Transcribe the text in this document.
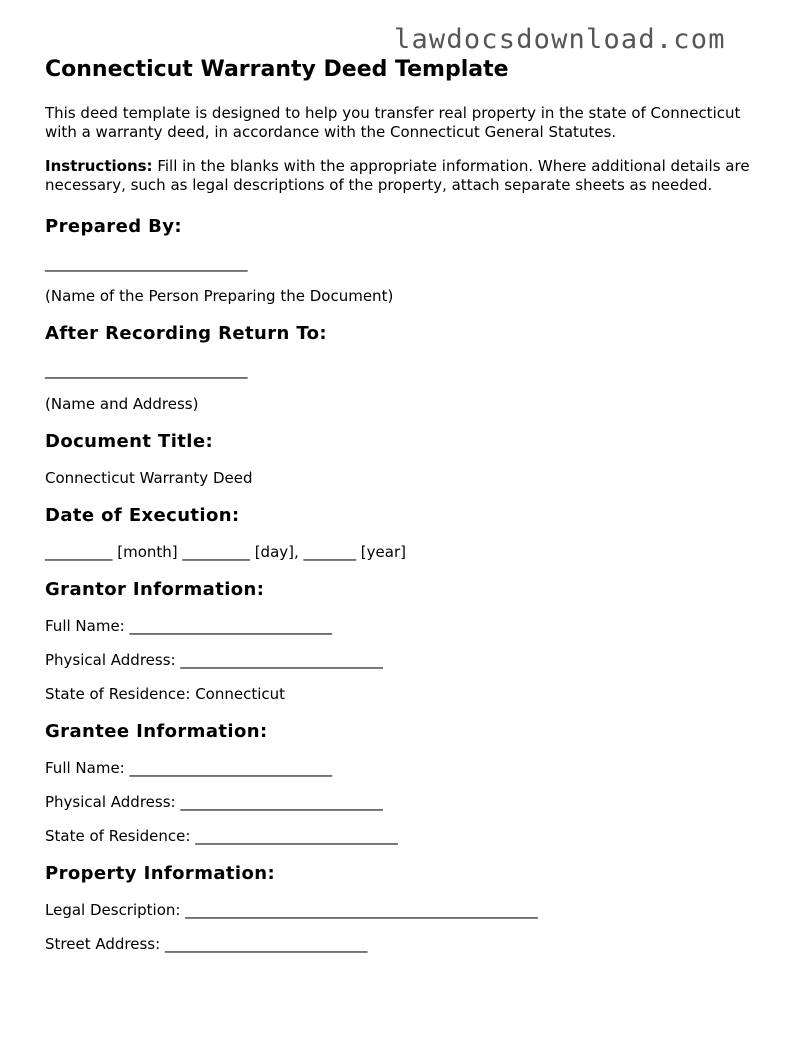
lawdocsdownload.com
Connecticut Warranty Deed Template

This deed template is designed to help you transfer real property in the state of Connecticut with a warranty deed, in accordance with the Connecticut General Statutes.

Instructions: Fill in the blanks with the appropriate information. Where additional details are necessary, such as legal descriptions of the property, attach separate sheets as needed.

Prepared By:

___________________________

(Name of the Person Preparing the Document)

After Recording Return To:

___________________________

(Name and Address)

Document Title:

Connecticut Warranty Deed

Date of Execution:

_________ [month] _________ [day], _______ [year]

Grantor Information:

Full Name: ___________________________

Physical Address: ___________________________

State of Residence: Connecticut

Grantee Information:

Full Name: ___________________________

Physical Address: ___________________________

State of Residence: ___________________________

Property Information:

Legal Description: _______________________________________________

Street Address: ___________________________
